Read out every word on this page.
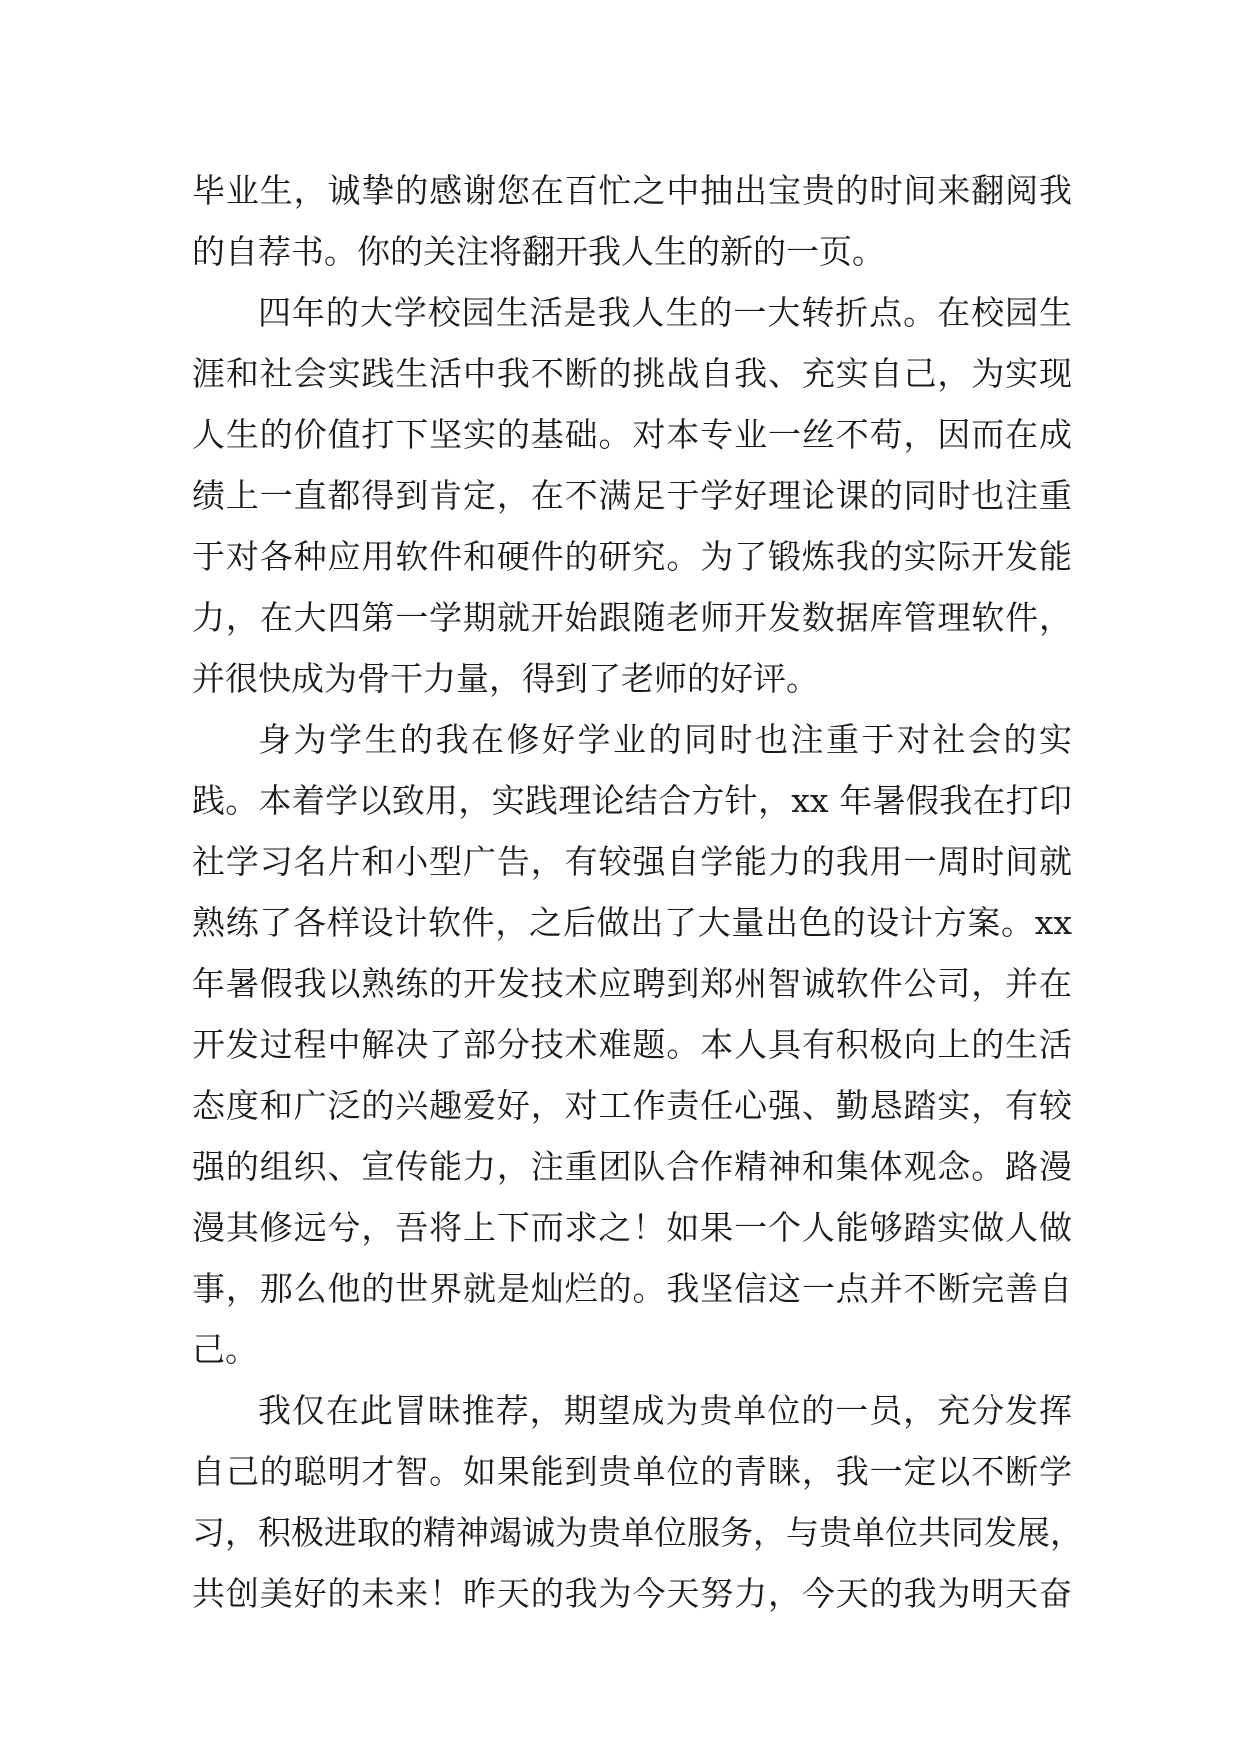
毕业生，诚挚的感谢您在百忙之中抽出宝贵的时间来翻阅我
的自荐书。你的关注将翻开我人生的新的一页。
四年的大学校园生活是我人生的一大转折点。在校园生
涯和社会实践生活中我不断的挑战自我、充实自己，为实现
人生的价值打下坚实的基础。对本专业一丝不苟，因而在成
绩上一直都得到肯定，在不满足于学好理论课的同时也注重
于对各种应用软件和硬件的研究。为了锻炼我的实际开发能
力，在大四第一学期就开始跟随老师开发数据库管理软件，
并很快成为骨干力量，得到了老师的好评。
身为学生的我在修好学业的同时也注重于对社会的实
践。本着学以致用，实践理论结合方针，xx 年暑假我在打印
社学习名片和小型广告，有较强自学能力的我用一周时间就
熟练了各样设计软件，之后做出了大量出色的设计方案。xx
年暑假我以熟练的开发技术应聘到郑州智诚软件公司，并在
开发过程中解决了部分技术难题。本人具有积极向上的生活
态度和广泛的兴趣爱好，对工作责任心强、勤恳踏实，有较
强的组织、宣传能力，注重团队合作精神和集体观念。路漫
漫其修远兮，吾将上下而求之！如果一个人能够踏实做人做
事，那么他的世界就是灿烂的。我坚信这一点并不断完善自
己。
我仅在此冒昧推荐，期望成为贵单位的一员，充分发挥
自己的聪明才智。如果能到贵单位的青睐，我一定以不断学
习，积极进取的精神竭诚为贵单位服务，与贵单位共同发展，
共创美好的未来！昨天的我为今天努力，今天的我为明天奋
